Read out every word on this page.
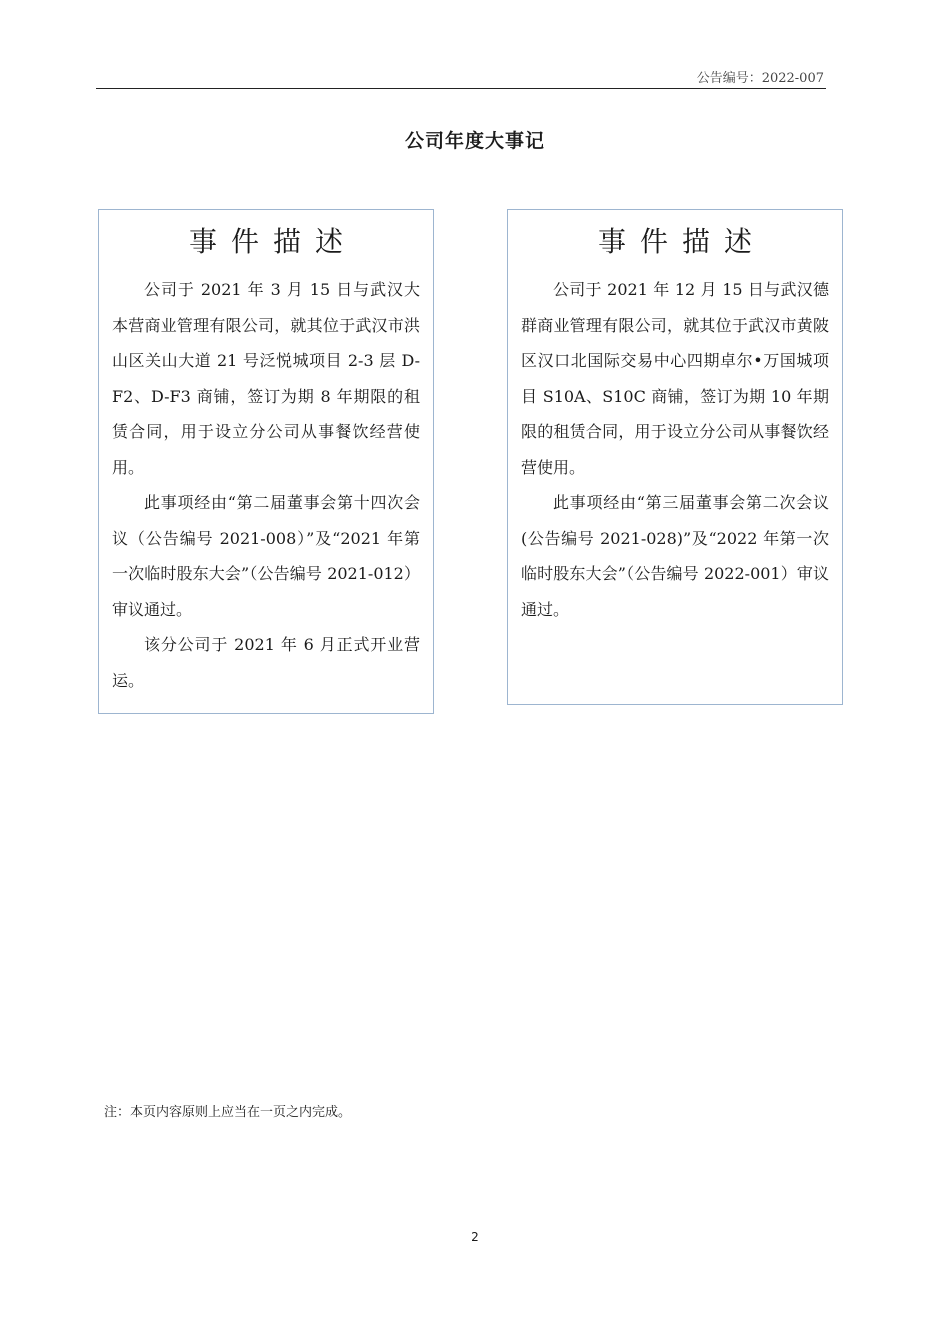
公告编号：2022-007
公司年度大事记
事件描述

公司于 2021 年 3 月 15 日与武汉大本营商业管理有限公司，就其位于武汉市洪山区关山大道 21 号泛悦城项目 2-3 层 D-F2、D-F3 商铺，签订为期 8 年期限的租赁合同，用于设立分公司从事餐饮经营使用。

此事项经由“第二届董事会第十四次会议（公告编号 2021-008）”及“2021 年第一次临时股东大会”（公告编号 2021-012）审议通过。

该分公司于 2021 年 6 月正式开业营运。

事件描述

公司于 2021 年 12 月 15 日与武汉德群商业管理有限公司，就其位于武汉市黄陂区汉口北国际交易中心四期卓尔•万国城项目 S10A、S10C 商铺，签订为期 10 年期限的租赁合同，用于设立分公司从事餐饮经营使用。

此事项经由“第三届董事会第二次会议(公告编号 2021-028)”及“2022 年第一次临时股东大会”（公告编号 2022-001）审议通过。

注：本页内容原则上应当在一页之内完成。
2
